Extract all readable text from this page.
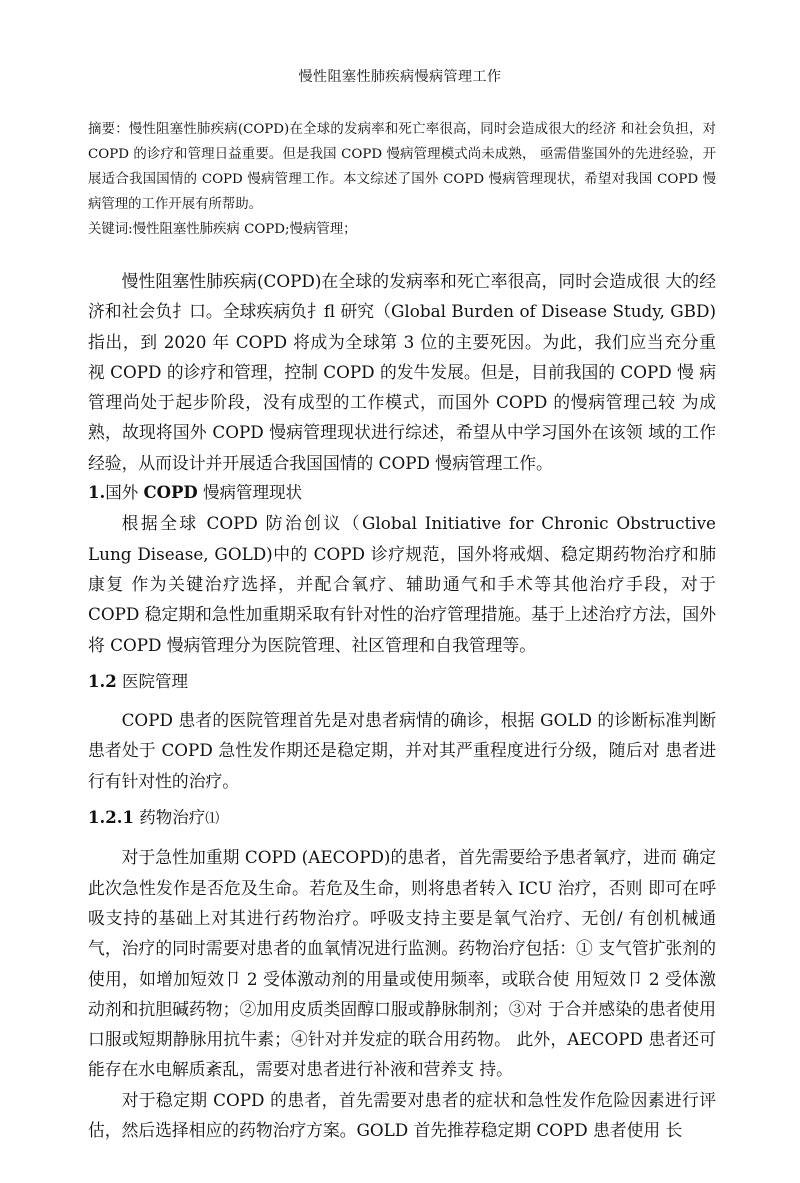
慢性阻塞性肺疾病慢病管理工作

摘要：慢性阻塞性肺疾病(COPD)在全球的发病率和死亡率很高，同时会造成很大的经济 和社会负担，对 COPD 的诊疗和管理日益重要。但是我国 COPD 慢病管理模式尚未成熟， 亟需借鉴国外的先进经验，开展适合我国国情的 COPD 慢病管理工作。本文综述了国外 COPD 慢病管理现状，希望对我国 COPD 慢病管理的工作开展有所帮助。

关键词:慢性阻塞性肺疾病 COPD;慢病管理；

慢性阻塞性肺疾病(COPD)在全球的发病率和死亡率很高，同时会造成很 大的经济和社会负扌口。全球疾病负扌fl 研究（Global Burden of Disease Study, GBD) 指出，到 2020 年 COPD 将成为全球第 3 位的主要死因。为此，我们应当充分重 视 COPD 的诊疗和管理，控制 COPD 的发牛发展。但是，目前我国的 COPD 慢 病管理尚处于起步阶段，没有成型的工作模式，而国外 COPD 的慢病管理己较 为成熟，故现将国外 COPD 慢病管理现状进行综述，希望从中学习国外在该领 域的工作经验，从而设计并开展适合我国国情的 COPD 慢病管理工作。

1.国外 COPD 慢病管理现状

根据全球 COPD 防治创议（Global Initiative for Chronic Obstructive Lung Disease, GOLD)中的 COPD 诊疗规范，国外将戒烟、稳定期药物治疗和肺康复 作为关键治疗选择，并配合氧疗、辅助通气和手术等其他治疗手段，对于 COPD 稳定期和急性加重期采取有针对性的治疗管理措施。基于上述治疗方法，国外将 COPD 慢病管理分为医院管理、社区管理和自我管理等。

1.2 医院管理

COPD 患者的医院管理首先是对患者病情的确诊，根据 GOLD 的诊断标准判断患者处于 COPD 急性发作期还是稳定期，并对其严重程度进行分级，随后对 患者进行有针对性的治疗。

1.2.1 药物治疗⑴

对于急性加重期 COPD (AECOPD)的患者，首先需要给予患者氧疗，进而 确定此次急性发作是否危及生命。若危及生命，则将患者转入 ICU 治疗，否则 即可在呼吸支持的基础上对其进行药物治疗。呼吸支持主要是氧气治疗、无创/ 有创机械通气，治疗的同时需要对患者的血氧情况进行监测。药物治疗包括：① 支气管扩张剂的使用，如增加短效卩 2 受体激动剂的用量或使用频率，或联合使 用短效卩 2 受体激动剂和抗胆碱药物；②加用皮质类固醇口服或静脉制剂；③对 于合并感染的患者使用口服或短期静脉用抗牛素；④针对并发症的联合用药物。 此外，AECOPD 患者还可能存在水电解质紊乱，需要对患者进行补液和营养支 持。

对于稳定期 COPD 的患者，首先需要对患者的症状和急性发作危险因素进行评估，然后选择相应的药物治疗方案。GOLD 首先推荐稳定期 COPD 患者使用 长
